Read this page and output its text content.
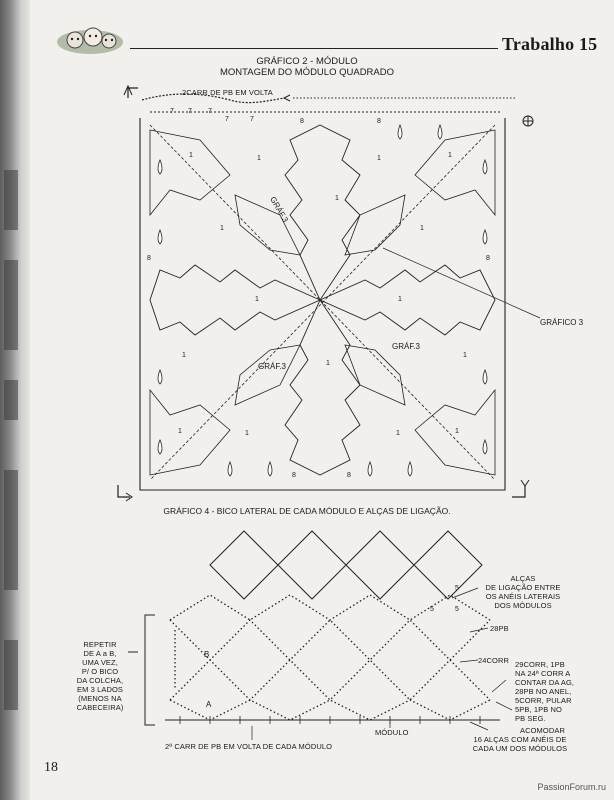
Trabalho 15
GRÁFICO 2 - MÓDULO
MONTAGEM DO MÓDULO QUADRADO
2CARR DE PB EM VOLTA
7 7 7
7	7	8	8
8	8
8	8
1	1	1	1
1
1	1
1	1
1
1
1
1	1
1	1
GRÁF.3
GRÁF.3
GRÁF.3
GRÁFICO 3
GRÁFICO 4 - BICO LATERAL DE CADA MÓDULO E ALÇAS DE LIGAÇÃO.
ALÇAS
DE LIGAÇÃO ENTRE
OS ANÉIS LATERAIS
DOS MÓDULOS
28PB
24CORR 29CORR, 1PB
NA 24ª CORR A
CONTAR DA AG,
28PB NO ANEL,
5CORR, PULAR
5PB, 1PB NO
PB SEG.
ACOMODAR
16 ALÇAS COM ANÉIS DE
CADA UM DOS MÓDULOS
MÓDULO
2ª CARR DE PB EM VOLTA DE CADA MÓDULO
REPETIR
DE A a B,
UMA VEZ,
P/ O BICO
DA COLCHA,
EM 3 LADOS
(MENOS NA
CABECEIRA)
B
A
5
5
5
18
PassionForum.ru
